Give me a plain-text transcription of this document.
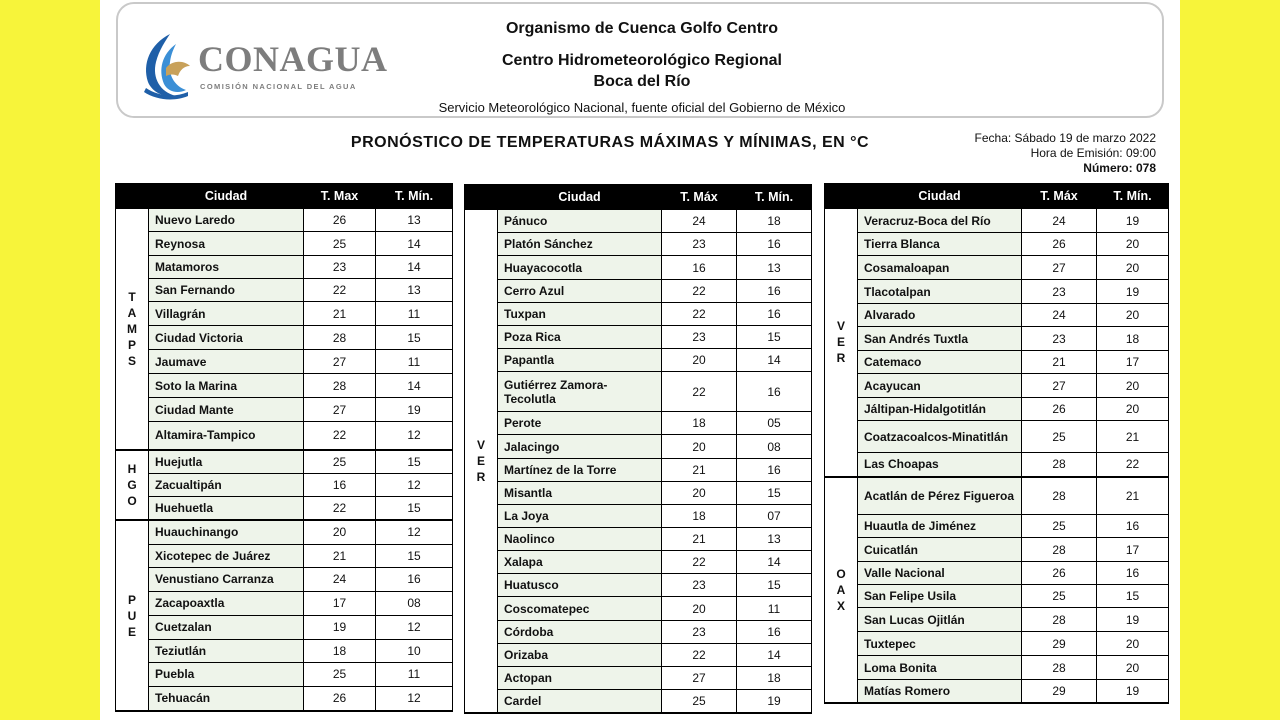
CONAGUA
COMISIÓN NACIONAL DEL AGUA
Organismo de Cuenca Golfo Centro
Centro Hidrometeorológico Regional
Boca del Río
Servicio Meteorológico Nacional, fuente oficial del Gobierno de México
PRONÓSTICO DE TEMPERATURAS MÁXIMAS Y MÍNIMAS, EN °C	Fecha: Sábado 19 de marzo 2022
Hora de Emisión: 09:00
Número: 078
	Ciudad	T. Max	T. Mín.
T
A
M
P
S	Nuevo Laredo	26	13
	Reynosa	25	14
	Matamoros	23	14
	San Fernando	22	13
	Villagrán	21	11
	Ciudad Victoria	28	15
	Jaumave	27	11
	Soto la Marina	28	14
	Ciudad Mante	27	19
	Altamira-Tampico	22	12
H
G
O	Huejutla	25	15
	Zacualtipán	16	12
	Huehuetla	22	15
P
U
E	Huauchinango	20	12
	Xicotepec de Juárez	21	15
	Venustiano Carranza	24	16
	Zacapoaxtla	17	08
	Cuetzalan	19	12
	Teziutlán	18	10
	Puebla	25	11
	Tehuacán	26	12
	Ciudad	T. Máx	T. Mín.
V
E
R	Pánuco	24	18
	Platón Sánchez	23	16
	Huayacocotla	16	13
	Cerro Azul	22	16
	Tuxpan	22	16
	Poza Rica	23	15
	Papantla	20	14
	Gutiérrez Zamora-Tecolutla	22	16
	Perote	18	05
	Jalacingo	20	08
	Martínez de la Torre	21	16
	Misantla	20	15
	La Joya	18	07
	Naolinco	21	13
	Xalapa	22	14
	Huatusco	23	15
	Coscomatepec	20	11
	Córdoba	23	16
	Orizaba	22	14
	Actopan	27	18
	Cardel	25	19
	Ciudad	T. Máx	T. Mín.
V
E
R	Veracruz-Boca del Río	24	19
	Tierra Blanca	26	20
	Cosamaloapan	27	20
	Tlacotalpan	23	19
	Alvarado	24	20
	San Andrés Tuxtla	23	18
	Catemaco	21	17
	Acayucan	27	20
	Jáltipan-Hidalgotitlán	26	20
	Coatzacoalcos-Minatitlán	25	21
	Las Choapas	28	22
O
A
X	Acatlán de Pérez Figueroa	28	21
	Huautla de Jiménez	25	16
	Cuicatlán	28	17
	Valle Nacional	26	16
	San Felipe Usila	25	15
	San Lucas Ojitlán	28	19
	Tuxtepec	29	20
	Loma Bonita	28	20
	Matías Romero	29	19
